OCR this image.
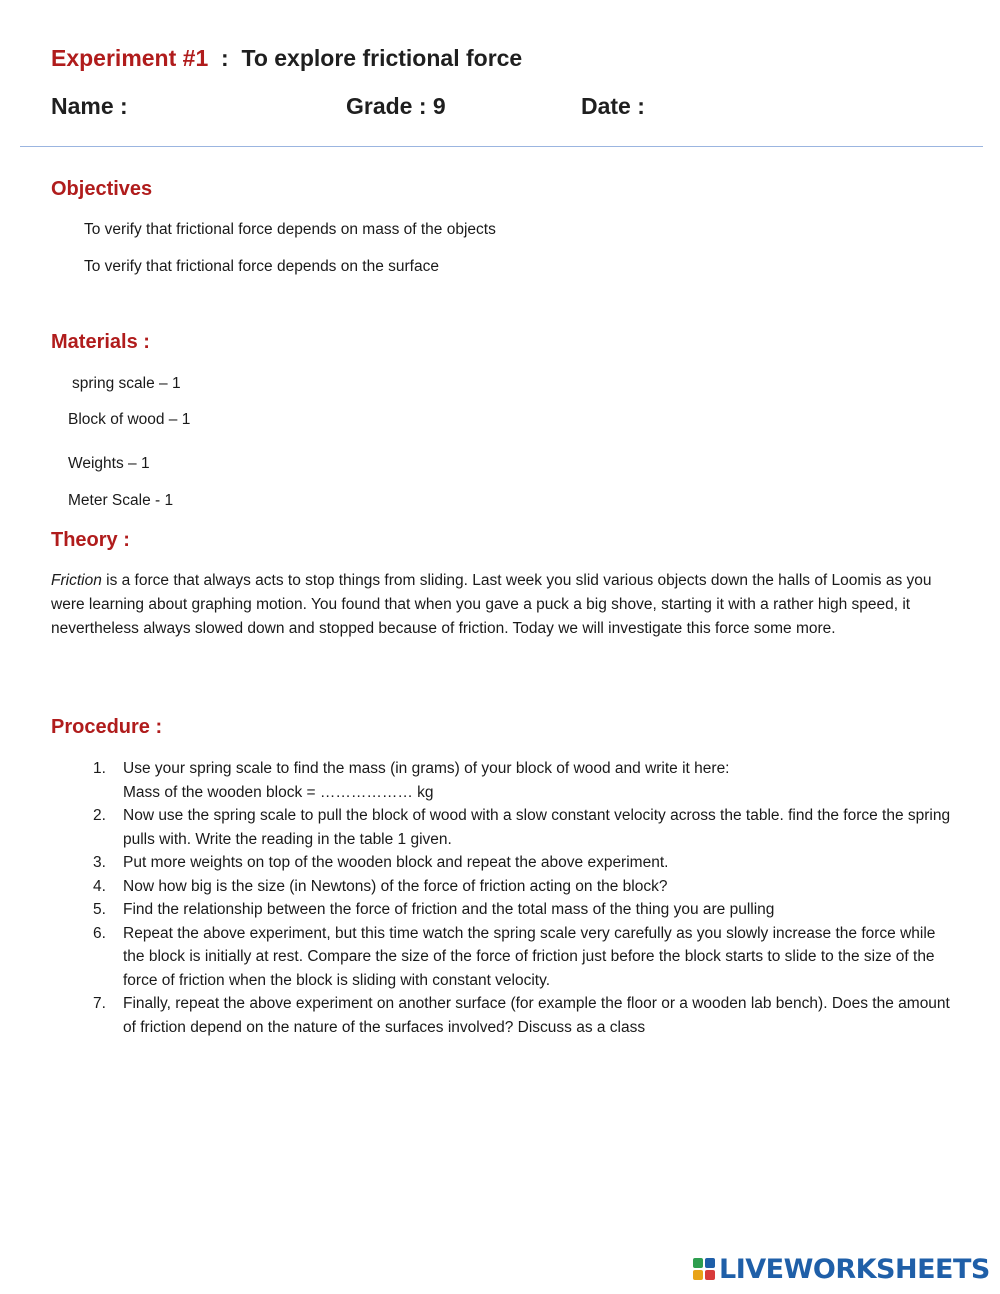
Experiment #1  :  To explore frictional force
Name :	Grade : 9	Date :
Objectives
To verify that frictional force depends on mass of the objects
To verify that frictional force depends on the surface
Materials :
spring scale – 1
Block of wood – 1
Weights – 1
Meter Scale - 1
Theory :
Friction is a force that always acts to stop things from sliding. Last week you slid various objects down the halls of Loomis as you were learning about graphing motion. You found that when you gave a puck a big shove, starting it with a rather high speed, it nevertheless always slowed down and stopped because of friction. Today we will investigate this force some more.
Procedure :
1. Use your spring scale to find the mass (in grams) of your block of wood and write it here:
Mass of the wooden block = ……………… kg
2. Now use the spring scale to pull the block of wood with a slow constant velocity across the table. find the force the spring pulls with. Write the reading in the table 1 given.
3. Put more weights on top of the wooden block and repeat the above experiment.
4. Now how big is the size (in Newtons) of the force of friction acting on the block?
5. Find the relationship between the force of friction and the total mass of the thing you are pulling
6. Repeat the above experiment, but this time watch the spring scale very carefully as you slowly increase the force while the block is initially at rest. Compare the size of the force of friction just before the block starts to slide to the size of the force of friction when the block is sliding with constant velocity.
7. Finally, repeat the above experiment on another surface (for example the floor or a wooden lab bench). Does the amount of friction depend on the nature of the surfaces involved? Discuss as a class
LIVEWORKSHEETS
